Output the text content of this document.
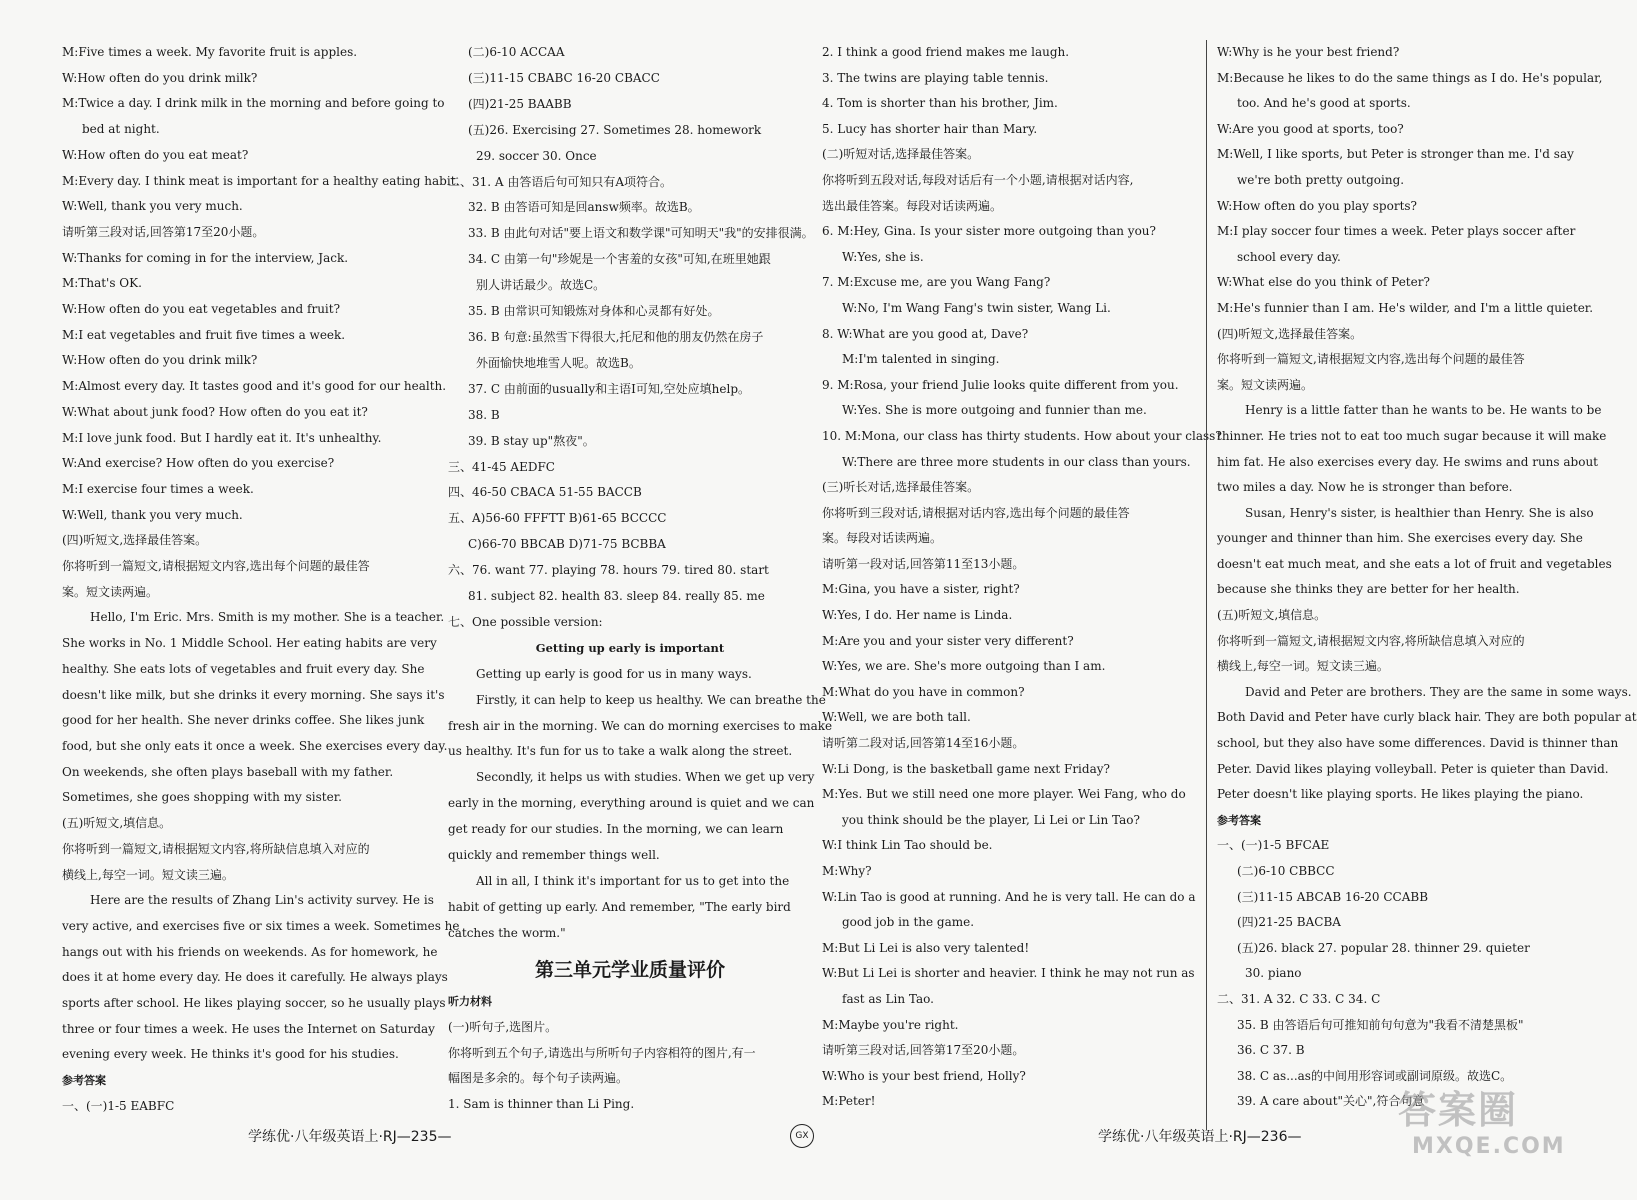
M:Five times a week. My favorite fruit is apples.
W:How often do you drink milk?
M:Twice a day. I drink milk in the morning and before going to
bed at night.
W:How often do you eat meat?
M:Every day. I think meat is important for a healthy eating habit.
W:Well, thank you very much.
请听第三段对话,回答第17至20小题。
W:Thanks for coming in for the interview, Jack.
M:That's OK.
W:How often do you eat vegetables and fruit?
M:I eat vegetables and fruit five times a week.
W:How often do you drink milk?
M:Almost every day. It tastes good and it's good for our health.
W:What about junk food? How often do you eat it?
M:I love junk food. But I hardly eat it. It's unhealthy.
W:And exercise? How often do you exercise?
M:I exercise four times a week.
W:Well, thank you very much.
(四)听短文,选择最佳答案。
你将听到一篇短文,请根据短文内容,选出每个问题的最佳答
案。短文读两遍。
Hello, I'm Eric. Mrs. Smith is my mother. She is a teacher.
She works in No. 1 Middle School. Her eating habits are very
healthy. She eats lots of vegetables and fruit every day. She
doesn't like milk, but she drinks it every morning. She says it's
good for her health. She never drinks coffee. She likes junk
food, but she only eats it once a week. She exercises every day.
On weekends, she often plays baseball with my father.
Sometimes, she goes shopping with my sister.
(五)听短文,填信息。
你将听到一篇短文,请根据短文内容,将所缺信息填入对应的
横线上,每空一词。短文读三遍。
Here are the results of Zhang Lin's activity survey. He is
very active, and exercises five or six times a week. Sometimes he
hangs out with his friends on weekends. As for homework, he
does it at home every day. He does it carefully. He always plays
sports after school. He likes playing soccer, so he usually plays
three or four times a week. He uses the Internet on Saturday
evening every week. He thinks it's good for his studies.
参考答案
一、(一)1-5 EABFC
(二)6-10 ACCAA
(三)11-15 CBABC 16-20 CBACC
(四)21-25 BAABB
(五)26. Exercising 27. Sometimes 28. homework
29. soccer 30. Once
二、31. A 由答语后句可知只有A项符合。
32. B 由答语可知是回answ频率。故选B。
33. B 由此句对话"要上语文和数学课"可知明天"我"的安排很满。
34. C 由第一句"珍妮是一个害羞的女孩"可知,在班里她跟
别人讲话最少。故选C。
35. B 由常识可知锻炼对身体和心灵都有好处。
36. B 句意:虽然雪下得很大,托尼和他的朋友仍然在房子
外面愉快地堆雪人呢。故选B。
37. C 由前面的usually和主语I可知,空处应填help。
38. B
39. B stay up"熬夜"。
三、41-45 AEDFC
四、46-50 CBACA 51-55 BACCB
五、A)56-60 FFFTT B)61-65 BCCCC
C)66-70 BBCAB D)71-75 BCBBA
六、76. want 77. playing 78. hours 79. tired 80. start
81. subject 82. health 83. sleep 84. really 85. me
七、One possible version:
Getting up early is important
Getting up early is good for us in many ways.
Firstly, it can help to keep us healthy. We can breathe the
fresh air in the morning. We can do morning exercises to make
us healthy. It's fun for us to take a walk along the street.
Secondly, it helps us with studies. When we get up very
early in the morning, everything around is quiet and we can
get ready for our studies. In the morning, we can learn
quickly and remember things well.
All in all, I think it's important for us to get into the
habit of getting up early. And remember, "The early bird
catches the worm."
第三单元学业质量评价
听力材料
(一)听句子,选图片。
你将听到五个句子,请选出与所听句子内容相符的图片,有一
幅图是多余的。每个句子读两遍。
1. Sam is thinner than Li Ping.
2. I think a good friend makes me laugh.
3. The twins are playing table tennis.
4. Tom is shorter than his brother, Jim.
5. Lucy has shorter hair than Mary.
(二)听短对话,选择最佳答案。
你将听到五段对话,每段对话后有一个小题,请根据对话内容,
选出最佳答案。每段对话读两遍。
6. M:Hey, Gina. Is your sister more outgoing than you?
W:Yes, she is.
7. M:Excuse me, are you Wang Fang?
W:No, I'm Wang Fang's twin sister, Wang Li.
8. W:What are you good at, Dave?
M:I'm talented in singing.
9. M:Rosa, your friend Julie looks quite different from you.
W:Yes. She is more outgoing and funnier than me.
10. M:Mona, our class has thirty students. How about your class?
W:There are three more students in our class than yours.
(三)听长对话,选择最佳答案。
你将听到三段对话,请根据对话内容,选出每个问题的最佳答
案。每段对话读两遍。
请听第一段对话,回答第11至13小题。
M:Gina, you have a sister, right?
W:Yes, I do. Her name is Linda.
M:Are you and your sister very different?
W:Yes, we are. She's more outgoing than I am.
M:What do you have in common?
W:Well, we are both tall.
请听第二段对话,回答第14至16小题。
W:Li Dong, is the basketball game next Friday?
M:Yes. But we still need one more player. Wei Fang, who do
you think should be the player, Li Lei or Lin Tao?
W:I think Lin Tao should be.
M:Why?
W:Lin Tao is good at running. And he is very tall. He can do a
good job in the game.
M:But Li Lei is also very talented!
W:But Li Lei is shorter and heavier. I think he may not run as
fast as Lin Tao.
M:Maybe you're right.
请听第三段对话,回答第17至20小题。
W:Who is your best friend, Holly?
M:Peter!
W:Why is he your best friend?
M:Because he likes to do the same things as I do. He's popular,
too. And he's good at sports.
W:Are you good at sports, too?
M:Well, I like sports, but Peter is stronger than me. I'd say
we're both pretty outgoing.
W:How often do you play sports?
M:I play soccer four times a week. Peter plays soccer after
school every day.
W:What else do you think of Peter?
M:He's funnier than I am. He's wilder, and I'm a little quieter.
(四)听短文,选择最佳答案。
你将听到一篇短文,请根据短文内容,选出每个问题的最佳答
案。短文读两遍。
Henry is a little fatter than he wants to be. He wants to be
thinner. He tries not to eat too much sugar because it will make
him fat. He also exercises every day. He swims and runs about
two miles a day. Now he is stronger than before.
Susan, Henry's sister, is healthier than Henry. She is also
younger and thinner than him. She exercises every day. She
doesn't eat much meat, and she eats a lot of fruit and vegetables
because she thinks they are better for her health.
(五)听短文,填信息。
你将听到一篇短文,请根据短文内容,将所缺信息填入对应的
横线上,每空一词。短文读三遍。
David and Peter are brothers. They are the same in some ways.
Both David and Peter have curly black hair. They are both popular at
school, but they also have some differences. David is thinner than
Peter. David likes playing volleyball. Peter is quieter than David.
Peter doesn't like playing sports. He likes playing the piano.
参考答案
一、(一)1-5 BFCAE
(二)6-10 CBBCC
(三)11-15 ABCAB 16-20 CCABB
(四)21-25 BACBA
(五)26. black 27. popular 28. thinner 29. quieter
30. piano
二、31. A 32. C 33. C 34. C
35. B 由答语后句可推知前句句意为"我看不清楚黑板"
36. C 37. B
38. C as...as的中间用形容词或副词原级。故选C。
39. A care about"关心",符合句意
学练优·八年级英语上·RJ—235—	GX	学练优·八年级英语上·RJ—236—
答案圈
MXQE.COM
